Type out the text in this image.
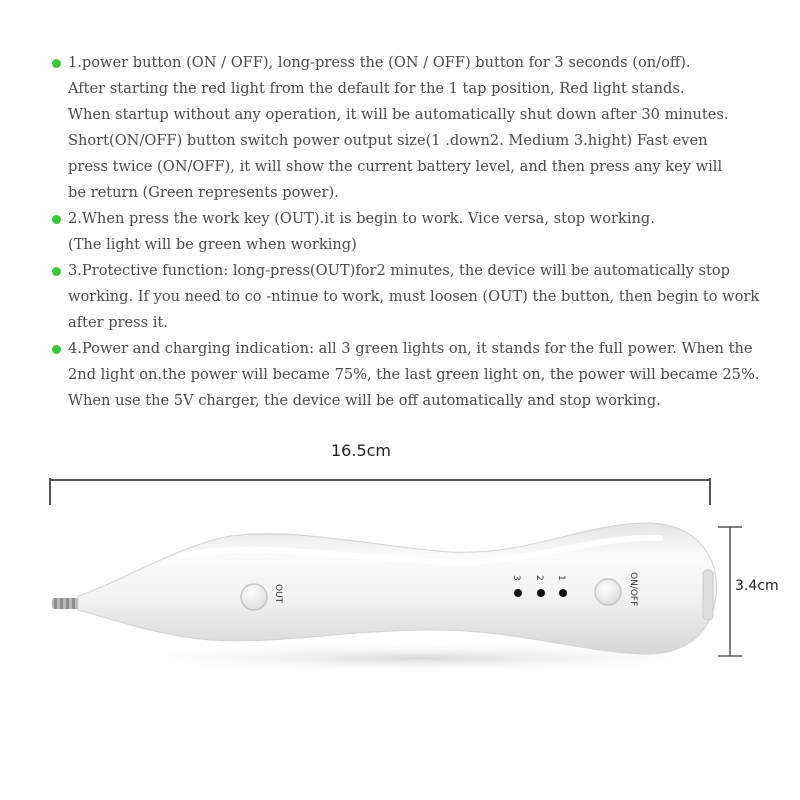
1.power button (ON / OFF), long-press the (ON / OFF) button for 3 seconds (on/off).
After starting the red light from the default for the 1 tap position, Red light stands.
When startup without any operation, it will be automatically shut down after 30 minutes.
Short(ON/OFF) button switch power output size(1 .down2. Medium 3.hight) Fast even
press twice (ON/OFF), it will show the current battery level, and then press any key will
be return (Green represents power).
2.When press the work key (OUT).it is begin to work. Vice versa, stop working.
(The light will be green when working)
3.Protective function: long-press(OUT)for2 minutes, the device will be automatically stop
working. If you need to co -ntinue to work, must loosen (OUT) the button, then begin to work
after press it.
4.Power and charging indication: all 3 green lights on, it stands for the full power. When the
2nd light on.the power will became 75%, the last green light on, the power will became 25%.
When use the 5V charger, the device will be off automatically and stop working.
16.5cm
3.4cm
OUT
3 2 1	ON/OFF
